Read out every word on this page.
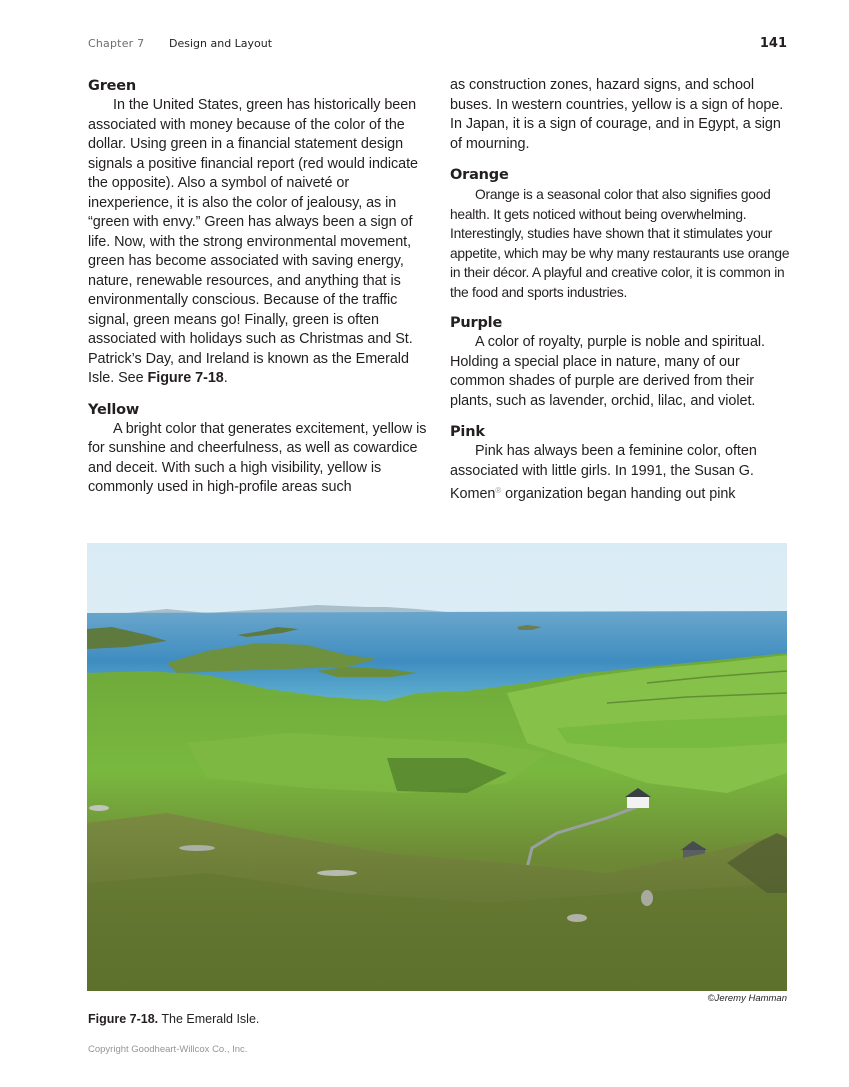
Chapter 7 Design and Layout	141
Green

In the United States, green has historically been associated with money because of the color of the dollar. Using green in a financial statement design signals a positive financial report (red would indicate the opposite). Also a symbol of naiveté or inexperience, it is also the color of jealousy, as in “green with envy.” Green has always been a sign of life. Now, with the strong environmental movement, green has become associated with saving energy, nature, renewable resources, and anything that is environmentally conscious. Because of the traffic signal, green means go! Finally, green is often associated with holidays such as Christmas and St. Patrick’s Day, and Ireland is known as the Emerald Isle. See Figure 7-18.

Yellow

A bright color that generates excitement, yellow is for sunshine and cheerfulness, as well as cowardice and deceit. With such a high visibility, yellow is commonly used in high-profile areas such

as construction zones, hazard signs, and school buses. In western countries, yellow is a sign of hope. In Japan, it is a sign of courage, and in Egypt, a sign of mourning.

Orange

Orange is a seasonal color that also signifies good health. It gets noticed without being overwhelming. Interestingly, studies have shown that it stimulates your appetite, which may be why many restaurants use orange in their décor. A playful and creative color, it is common in the food and sports industries.

Purple

A color of royalty, purple is noble and spiritual. Holding a special place in nature, many of our common shades of purple are derived from their plants, such as lavender, orchid, lilac, and violet.

Pink

Pink has always been a feminine color, often associated with little girls. In 1991, the Susan G. Komen® organization began handing out pink

©Jeremy Hamman
Figure 7-18. The Emerald Isle.
Copyright Goodheart-Willcox Co., Inc.
